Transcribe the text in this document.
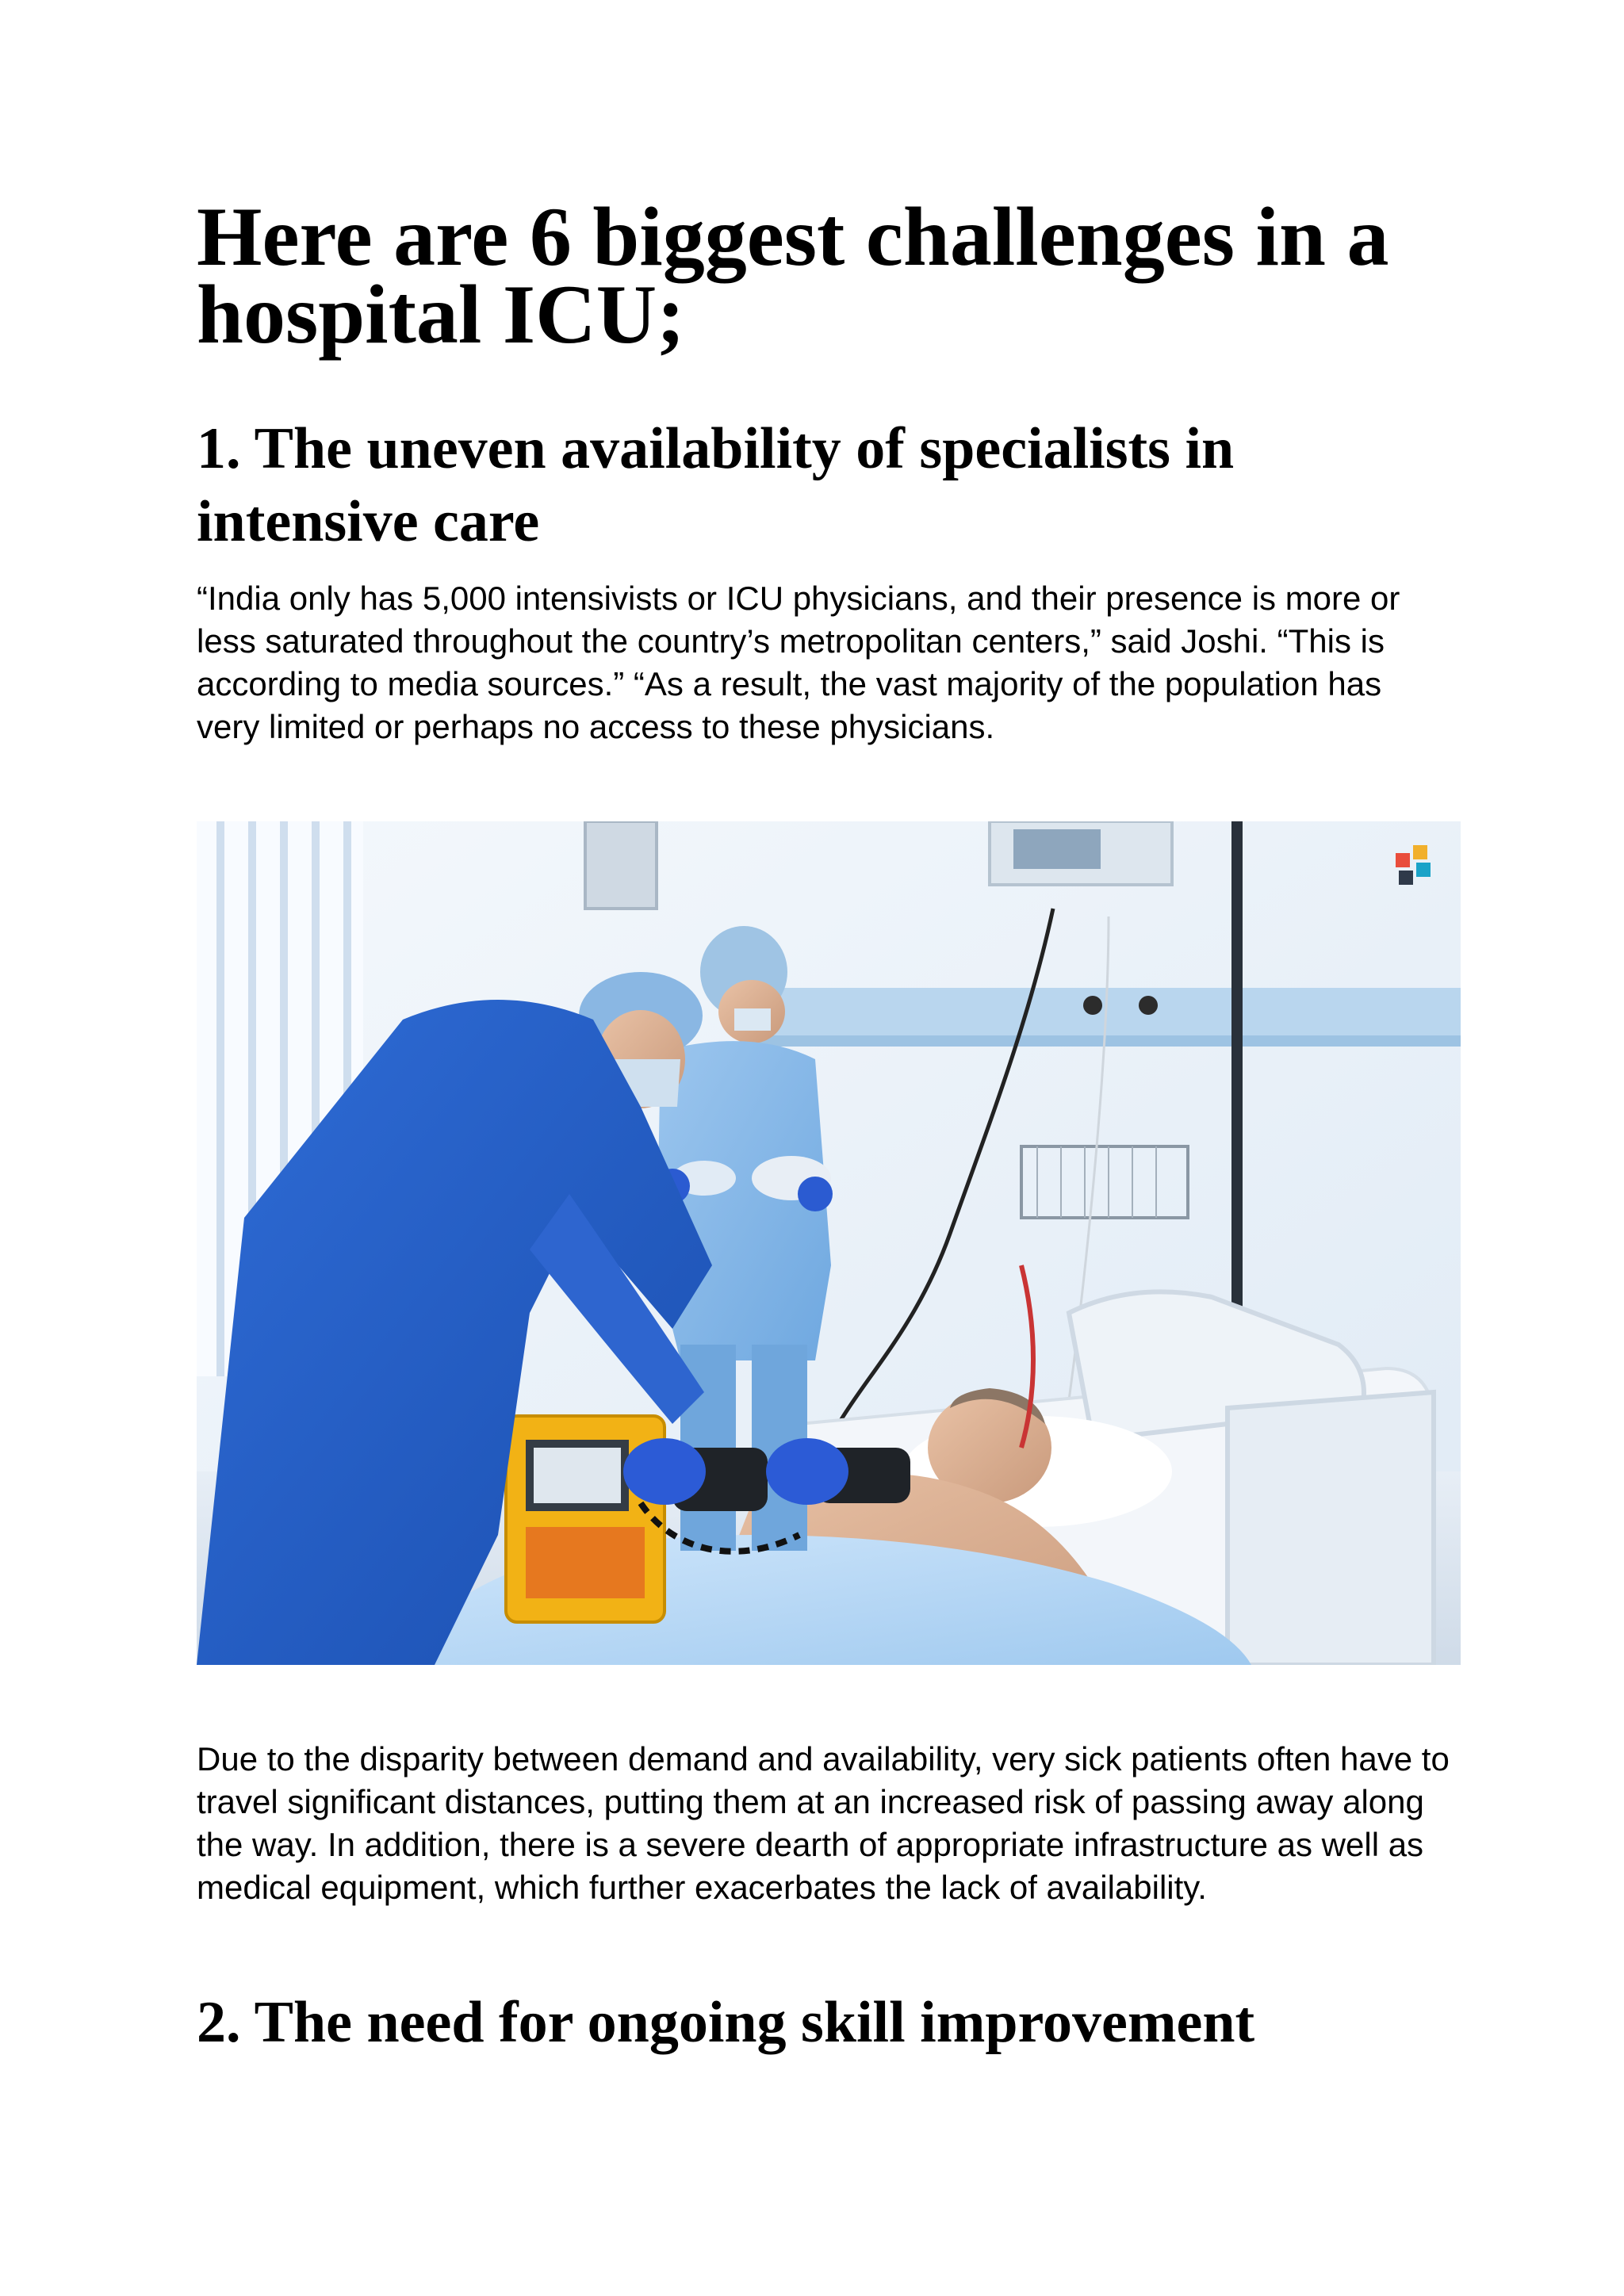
Here are 6 biggest challenges in a hospital ICU;
1. The uneven availability of specialists in intensive care

“India only has 5,000 intensivists or ICU physicians, and their presence is more or less saturated throughout the country’s metropolitan centers,” said Joshi. “This is according to media sources.” “As a result, the vast majority of the population has very limited or perhaps no access to these physicians.

Due to the disparity between demand and availability, very sick patients often have to travel significant distances, putting them at an increased risk of passing away along the way. In addition, there is a severe dearth of appropriate infrastructure as well as medical equipment, which further exacerbates the lack of availability.

2. The need for ongoing skill improvement
